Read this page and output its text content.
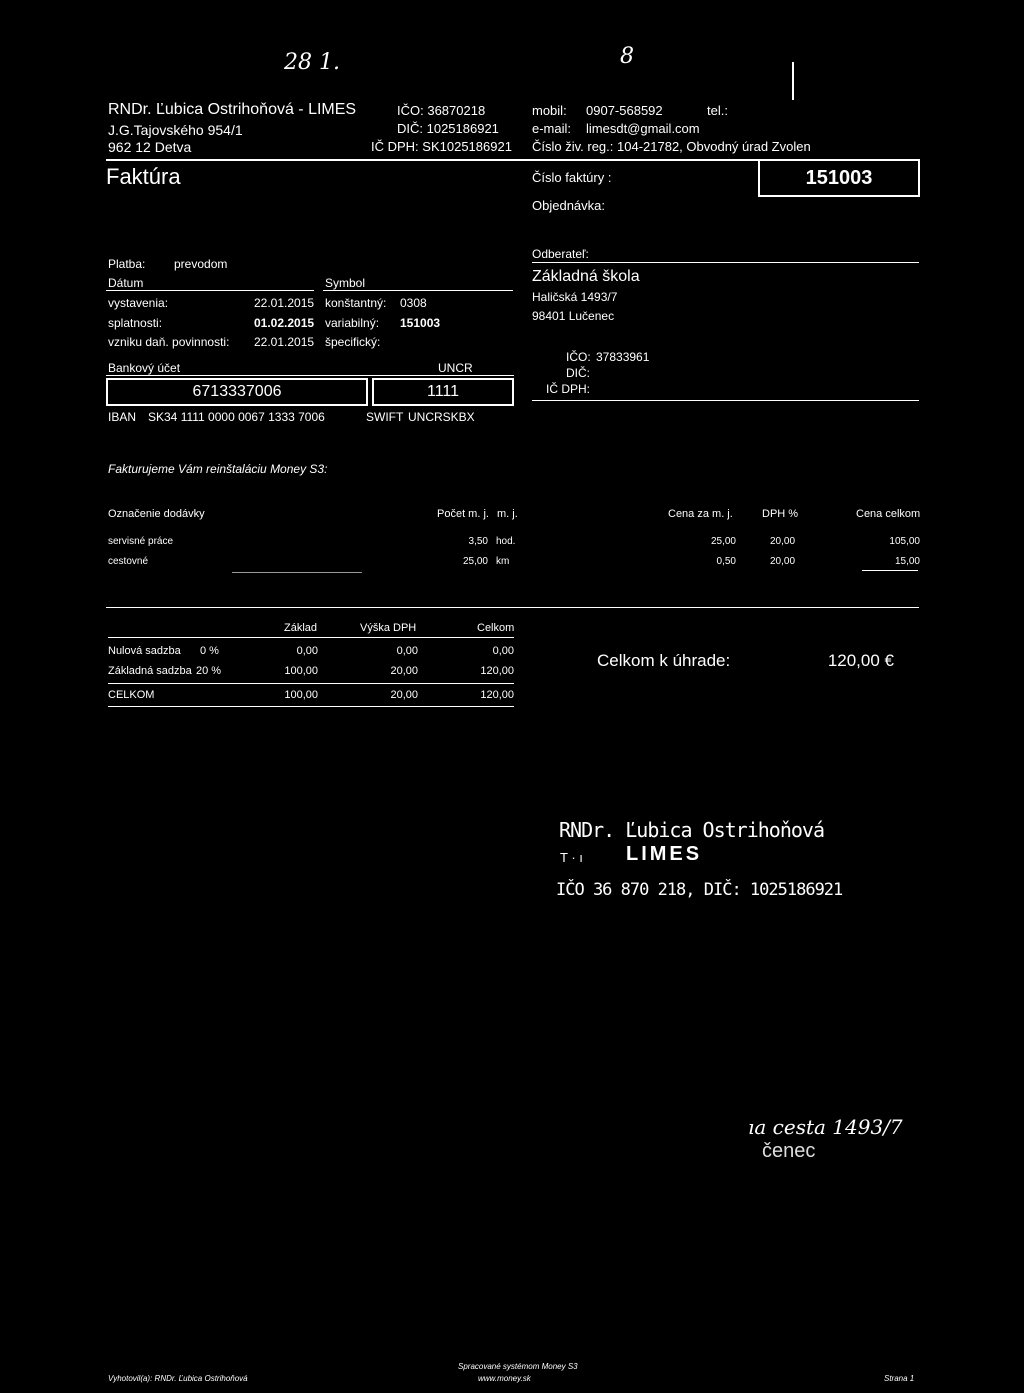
28 1.	8
RNDr. Ľubica Ostrihoňová - LIMES
J.G.Tajovského 954/1
962 12 Detva
IČO: 36870218
DIČ: 1025186921
IČ DPH: SK1025186921
mobil: 0907-568592	tel.:
e-mail: limesdt@gmail.com
Číslo živ. reg.: 104-21782, Obvodný úrad Zvolen
Faktúra	Číslo faktúry :	151003
Objednávka:
Platba: prevodom
Dátum	Symbol
vystavenia:	22.01.2015 konštantný: 0308
splatnosti:	01.02.2015 variabilný: 151003
vzniku daň. povinnosti: 22.01.2015 špecifický:
Bankový účet	UNCR
6713337006	1111
IBAN SK34 1111 0000 0067 1333 7006	SWIFT UNCRSKBX
Odberateľ:
Základná škola
Haličská 1493/7
98401 Lučenec
IČO: 37833961
DIČ:
IČ DPH:
Fakturujeme Vám reinštaláciu Money S3:
Označenie dodávky	Počet m. j. m. j.	Cena za m. j.	DPH %	Cena celkom
servisné práce	3,50 hod.	25,00	20,00	105,00
cestovné	25,00 km	0,50	20,00	15,00
Základ	Výška DPH	Celkom
Nulová sadzba 0 %	0,00	0,00	0,00
Základná sadzba 20 %	100,00	20,00	120,00
CELKOM	100,00	20,00	120,00
Celkom k úhrade:	120,00 €
RNDr. Ľubica Ostrihoňová
T · ı LIMES
IČO 36 870 218, DIČ: 1025186921
ıa cesta 1493/7
čenec
Vyhotovil(a): RNDr. Ľubica Ostrihoňová
Spracované systémom Money S3
www.money.sk	Strana 1
